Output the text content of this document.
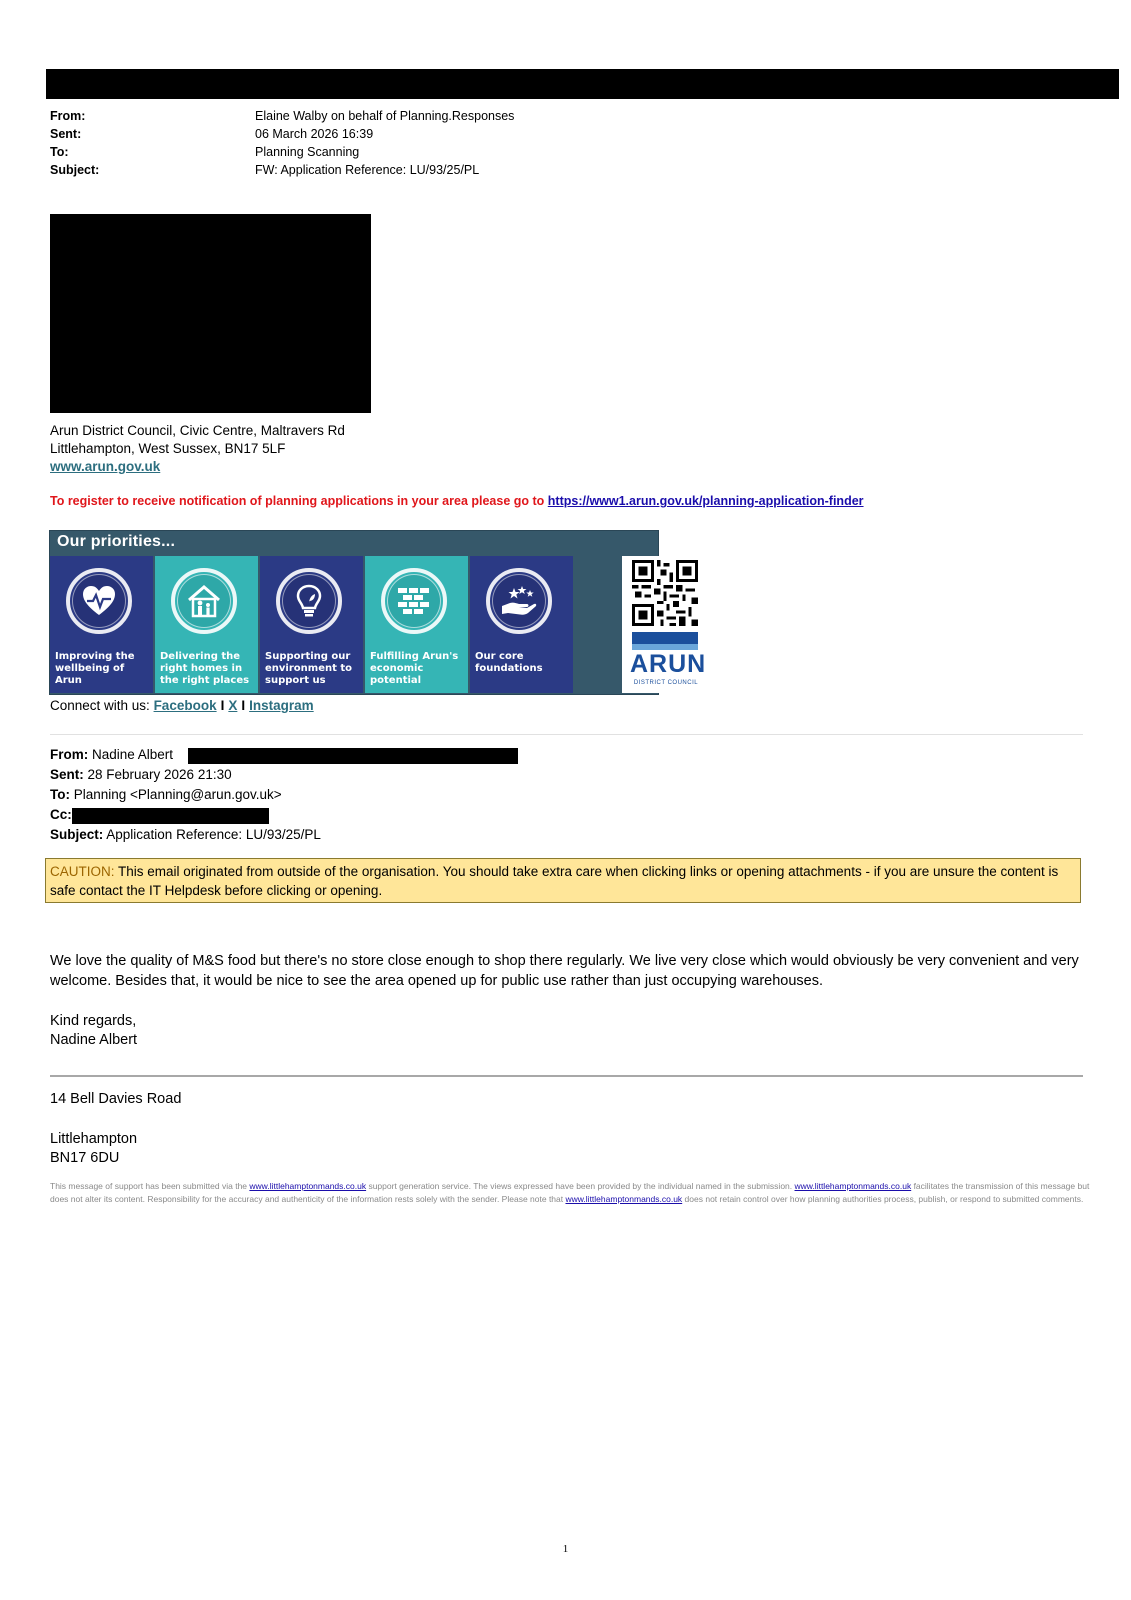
From:	Elaine Walby on behalf of Planning.Responses
Sent:	06 March 2026 16:39
To:	Planning Scanning
Subject:	FW: Application Reference: LU/93/25/PL
Arun District Council, Civic Centre, Maltravers Rd
Littlehampton, West Sussex, BN17 5LF
www.arun.gov.uk
To register to receive notification of planning applications in your area please go to https://www1.arun.gov.uk/planning-application-finder
Our priorities...
Improving the wellbeing of Arun
Delivering the right homes in the right places
Supporting our environment to support us
Fulfilling Arun's economic potential
Our core foundations	ARUN
DISTRICT COUNCIL
Connect with us: Facebook I X I Instagram
From: Nadine Albert
Sent: 28 February 2026 21:30
To: Planning <Planning@arun.gov.uk>
Cc:
Subject: Application Reference: LU/93/25/PL
CAUTION: This email originated from outside of the organisation. You should take extra care when clicking links or opening attachments - if you are unsure the content is safe contact the IT Helpdesk before clicking or opening.
We love the quality of M&S food but there's no store close enough to shop there regularly. We live very close which would obviously be very convenient and very welcome. Besides that, it would be nice to see the area opened up for public use rather than just occupying warehouses.
Kind regards,
Nadine Albert
14 Bell Davies Road
Littlehampton
BN17 6DU
This message of support has been submitted via the www.littlehamptonmands.co.uk support generation service. The views expressed have been provided by the individual named in the submission. www.littlehamptonmands.co.uk facilitates the transmission of this message but does not alter its content. Responsibility for the accuracy and authenticity of the information rests solely with the sender. Please note that www.littlehamptonmands.co.uk does not retain control over how planning authorities process, publish, or respond to submitted comments.
1
